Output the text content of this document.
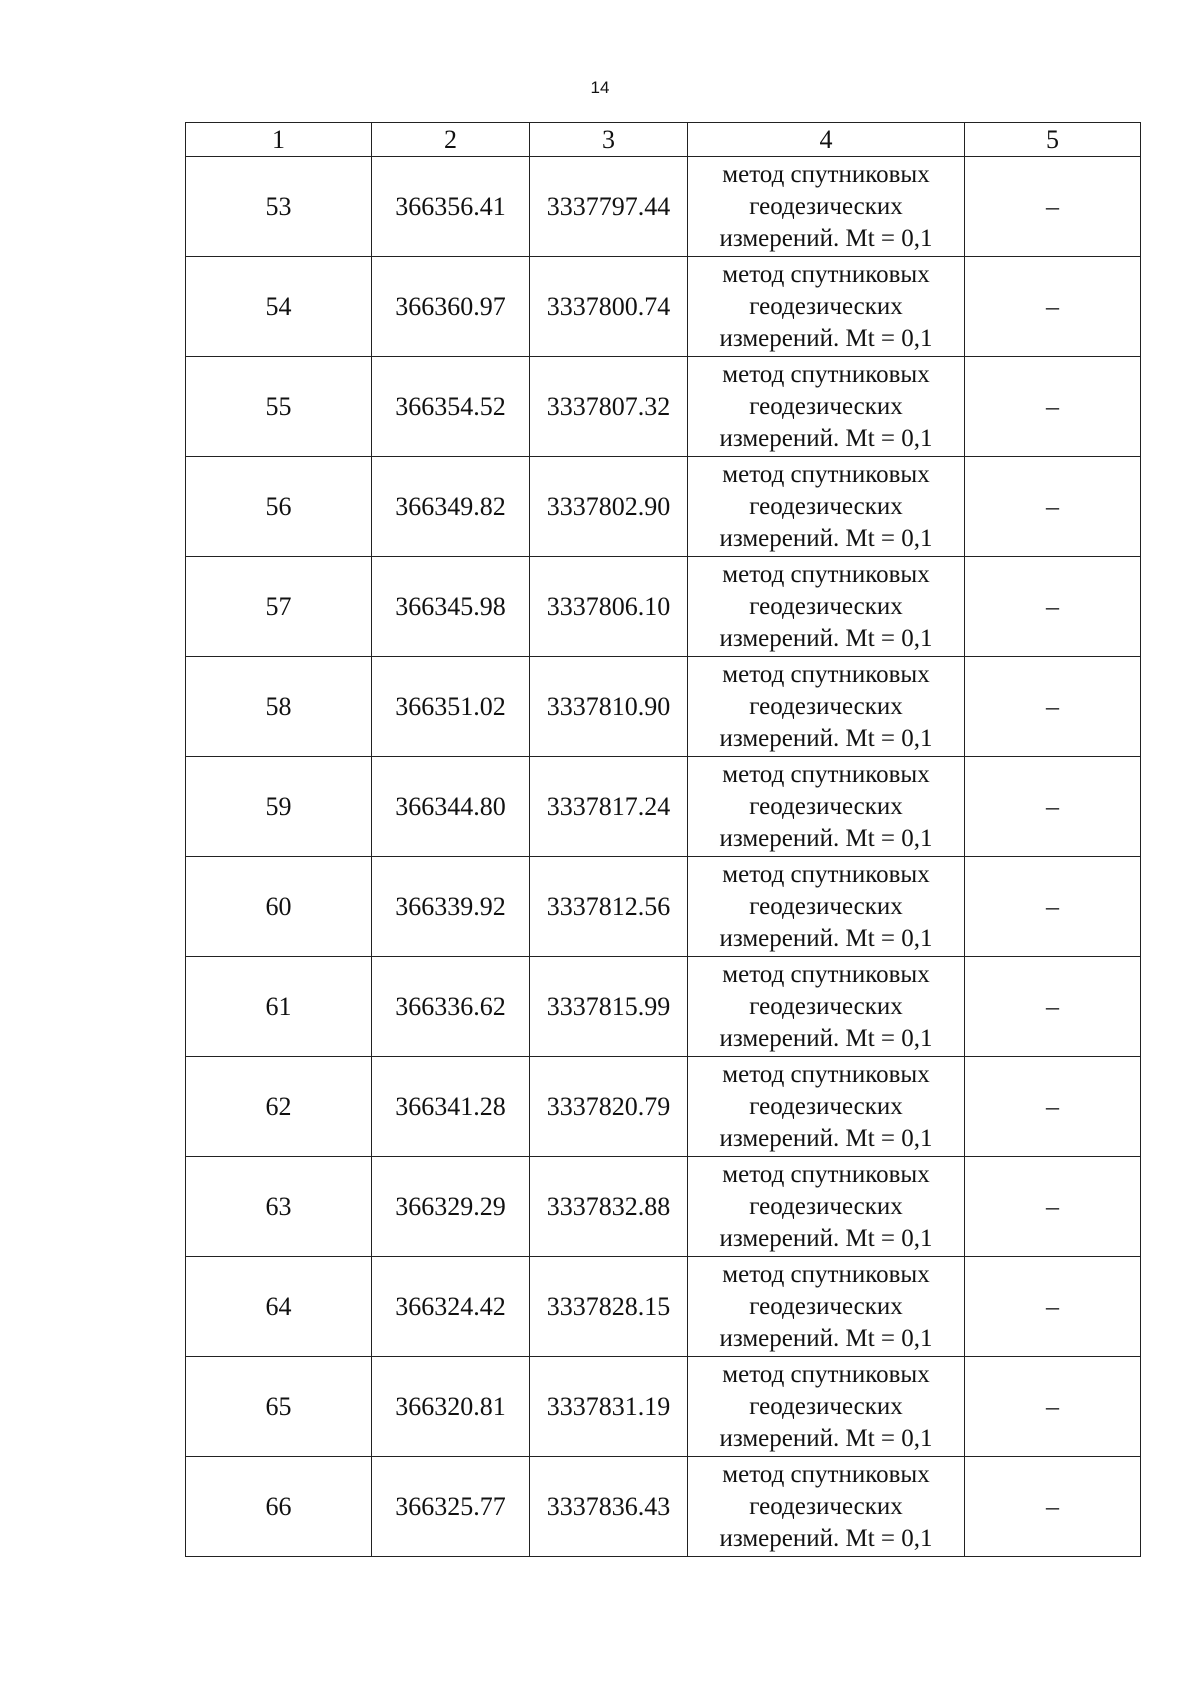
14
1	2	3	4	5
53	366356.41	3337797.44	метод спутниковых
геодезических
измерений. Mt = 0,1	–
54	366360.97	3337800.74	метод спутниковых
геодезических
измерений. Mt = 0,1	–
55	366354.52	3337807.32	метод спутниковых
геодезических
измерений. Mt = 0,1	–
56	366349.82	3337802.90	метод спутниковых
геодезических
измерений. Mt = 0,1	–
57	366345.98	3337806.10	метод спутниковых
геодезических
измерений. Mt = 0,1	–
58	366351.02	3337810.90	метод спутниковых
геодезических
измерений. Mt = 0,1	–
59	366344.80	3337817.24	метод спутниковых
геодезических
измерений. Mt = 0,1	–
60	366339.92	3337812.56	метод спутниковых
геодезических
измерений. Mt = 0,1	–
61	366336.62	3337815.99	метод спутниковых
геодезических
измерений. Mt = 0,1	–
62	366341.28	3337820.79	метод спутниковых
геодезических
измерений. Mt = 0,1	–
63	366329.29	3337832.88	метод спутниковых
геодезических
измерений. Mt = 0,1	–
64	366324.42	3337828.15	метод спутниковых
геодезических
измерений. Mt = 0,1	–
65	366320.81	3337831.19	метод спутниковых
геодезических
измерений. Mt = 0,1	–
66	366325.77	3337836.43	метод спутниковых
геодезических
измерений. Mt = 0,1	–
